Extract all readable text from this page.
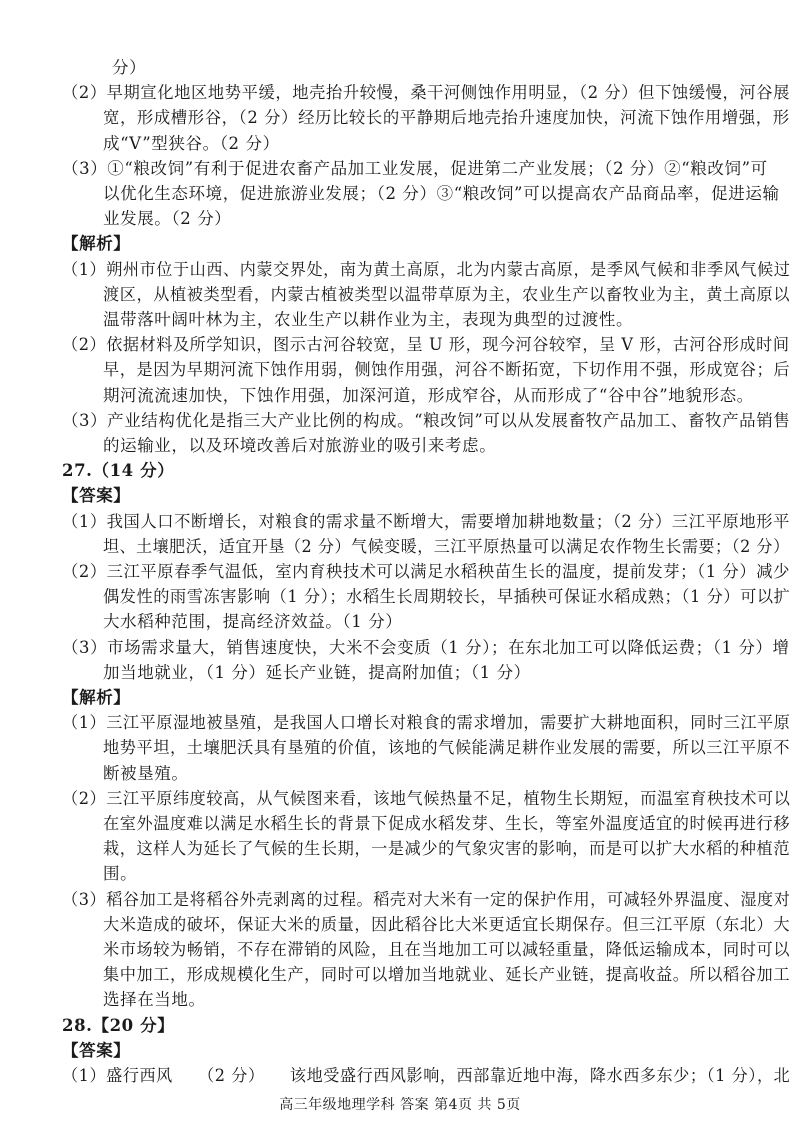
分）
（2）早期宣化地区地势平缓，地壳抬升较慢，桑干河侧蚀作用明显，（2 分）但下蚀缓慢，河谷展
宽，形成槽形谷，（2 分）经历比较长的平静期后地壳抬升速度加快，河流下蚀作用增强，形
成“V”型狭谷。（2 分）
（3）①“粮改饲”有利于促进农畜产品加工业发展，促进第二产业发展；（2 分）②“粮改饲”可
以优化生态环境，促进旅游业发展；（2 分）③“粮改饲”可以提高农产品商品率，促进运输
业发展。（2 分）
【解析】
（1）朔州市位于山西、内蒙交界处，南为黄土高原，北为内蒙古高原，是季风气候和非季风气候过
渡区，从植被类型看，内蒙古植被类型以温带草原为主，农业生产以畜牧业为主，黄土高原以
温带落叶阔叶林为主，农业生产以耕作业为主，表现为典型的过渡性。
（2）依据材料及所学知识，图示古河谷较宽，呈 U 形，现今河谷较窄，呈 V 形，古河谷形成时间
早，是因为早期河流下蚀作用弱，侧蚀作用强，河谷不断拓宽，下切作用不强，形成宽谷；后
期河流流速加快，下蚀作用强，加深河道，形成窄谷，从而形成了“谷中谷”地貌形态。
（3）产业结构优化是指三大产业比例的构成。“粮改饲”可以从发展畜牧产品加工、畜牧产品销售
的运输业，以及环境改善后对旅游业的吸引来考虑。
27.（14 分）
【答案】
（1）我国人口不断增长，对粮食的需求量不断增大，需要增加耕地数量；（2 分）三江平原地形平
坦、土壤肥沃，适宜开垦（2 分）气候变暖，三江平原热量可以满足农作物生长需要；（2 分）
（2）三江平原春季气温低，室内育秧技术可以满足水稻秧苗生长的温度，提前发芽；（1 分）减少
偶发性的雨雪冻害影响（1 分）；水稻生长周期较长，早插秧可保证水稻成熟；（1 分）可以扩
大水稻种范围，提高经济效益。（1 分）
（3）市场需求量大，销售速度快，大米不会变质（1 分）；在东北加工可以降低运费；（1 分）增
加当地就业，（1 分）延长产业链，提高附加值；（1 分）
【解析】
（1）三江平原湿地被垦殖，是我国人口增长对粮食的需求增加，需要扩大耕地面积，同时三江平原
地势平坦，土壤肥沃具有垦殖的价值，该地的气候能满足耕作业发展的需要，所以三江平原不
断被垦殖。
（2）三江平原纬度较高，从气候图来看，该地气候热量不足，植物生长期短，而温室育秧技术可以
在室外温度难以满足水稻生长的背景下促成水稻发芽、生长，等室外温度适宜的时候再进行移
栽，这样人为延长了气候的生长期，一是减少的气象灾害的影响，而是可以扩大水稻的种植范
围。
（3）稻谷加工是将稻谷外壳剥离的过程。稻壳对大米有一定的保护作用，可减轻外界温度、湿度对
大米造成的破坏，保证大米的质量，因此稻谷比大米更适宜长期保存。但三江平原（东北）大
米市场较为畅销，不存在滞销的风险，且在当地加工可以减轻重量，降低运输成本，同时可以
集中加工，形成规模化生产，同时可以增加当地就业、延长产业链，提高收益。所以稻谷加工
选择在当地。
28.【20 分】
【答案】
（1）盛行西风　　（2 分）　　该地受盛行西风影响，西部靠近地中海，降水西多东少；（1 分），北
高三年级地理学科 答案 第4页 共 5页
